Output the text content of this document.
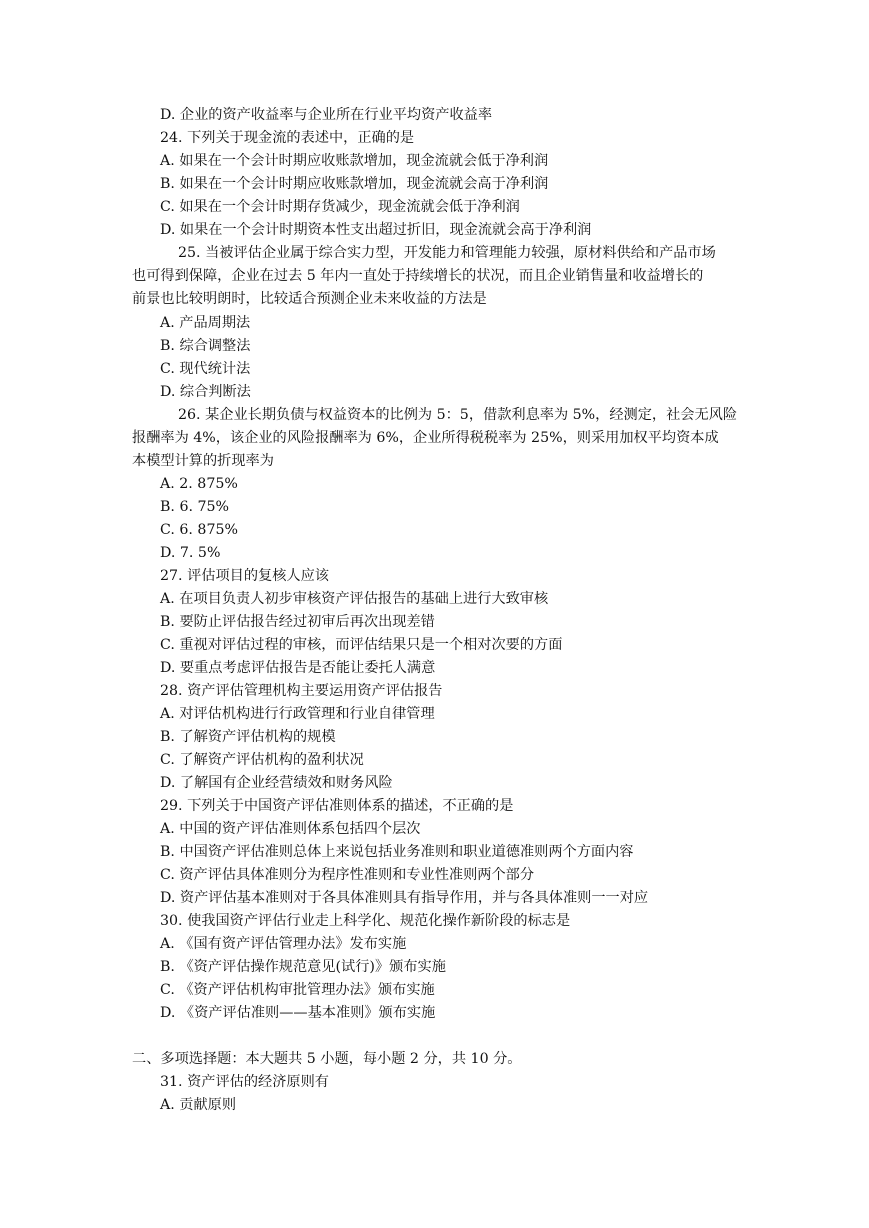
D. 企业的资产收益率与企业所在行业平均资产收益率
24. 下列关于现金流的表述中，正确的是
A. 如果在一个会计时期应收账款增加，现金流就会低于净利润
B. 如果在一个会计时期应收账款增加，现金流就会高于净利润
C. 如果在一个会计时期存货减少，现金流就会低于净利润
D. 如果在一个会计时期资本性支出超过折旧，现金流就会高于净利润
25. 当被评估企业属于综合实力型，开发能力和管理能力较强，原材料供给和产品市场
也可得到保障，企业在过去 5 年内一直处于持续增长的状况，而且企业销售量和收益增长的
前景也比较明朗时，比较适合预测企业未来收益的方法是
A. 产品周期法
B. 综合调整法
C. 现代统计法
D. 综合判断法
26. 某企业长期负债与权益资本的比例为 5：5，借款利息率为 5%，经测定，社会无风险
报酬率为 4%，该企业的风险报酬率为 6%，企业所得税税率为 25%，则采用加权平均资本成
本模型计算的折现率为
A. 2. 875%
B. 6. 75%
C. 6. 875%
D. 7. 5%
27. 评估项目的复核人应该
A. 在项目负责人初步审核资产评估报告的基础上进行大致审核
B. 要防止评估报告经过初审后再次出现差错
C. 重视对评估过程的审核，而评估结果只是一个相对次要的方面
D. 要重点考虑评估报告是否能让委托人满意
28. 资产评估管理机构主要运用资产评估报告
A. 对评估机构进行行政管理和行业自律管理
B. 了解资产评估机构的规模
C. 了解资产评估机构的盈利状况
D. 了解国有企业经营绩效和财务风险
29. 下列关于中国资产评估准则体系的描述，不正确的是
A. 中国的资产评估准则体系包括四个层次
B. 中国资产评估准则总体上来说包括业务准则和职业道德准则两个方面内容
C. 资产评估具体准则分为程序性准则和专业性准则两个部分
D. 资产评估基本准则对于各具体准则具有指导作用，并与各具体准则一一对应
30. 使我国资产评估行业走上科学化、规范化操作新阶段的标志是
A. 《国有资产评估管理办法》发布实施
B. 《资产评估操作规范意见(试行)》颁布实施
C. 《资产评估机构审批管理办法》颁布实施
D. 《资产评估准则——基本准则》颁布实施
二、多项选择题：本大题共 5 小题，每小题 2 分，共 10 分。
31. 资产评估的经济原则有
A. 贡献原则
